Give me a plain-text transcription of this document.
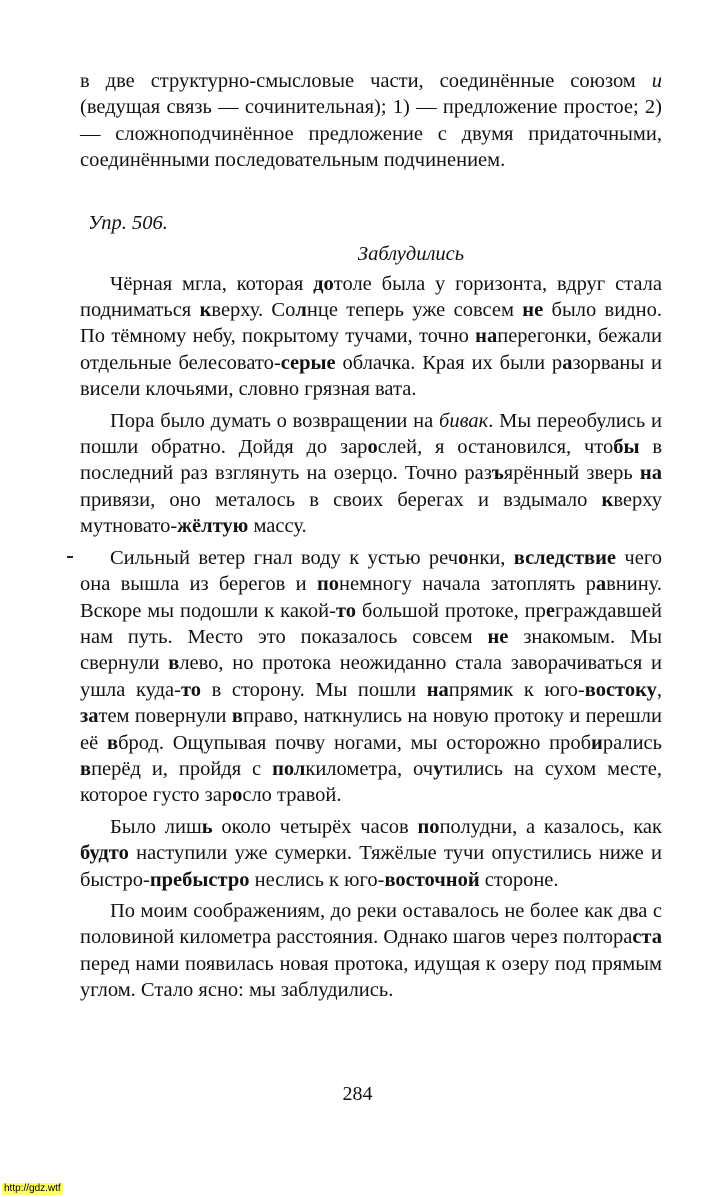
в две структурно-смысловые части, соединённые союзом и (ведущая связь — сочинительная); 1) — предложение простое; 2) — сложноподчинённое предложение с двумя придаточными, соединёнными последовательным подчинением.

Упр. 506.
Заблудились

Чёрная мгла, которая дотоле была у горизонта, вдруг стала подниматься кверху. Солнце теперь уже совсем не было видно. По тёмному небу, покрытому тучами, точно наперегонки, бежали отдельные белесовато-серые облачка. Края их были разорваны и висели клочьями, словно грязная вата.

Пора было думать о возвращении на бивак. Мы переобулись и пошли обратно. Дойдя до зарослей, я остановился, чтобы в последний раз взглянуть на озерцо. Точно разъярённый зверь на привязи, оно металось в своих берегах и вздымало кверху мутновато-жёлтую массу.

Сильный ветер гнал воду к устью речонки, вследствие чего она вышла из берегов и понемногу начала затоплять равнину. Вскоре мы подошли к какой-то большой протоке, преграждавшей нам путь. Место это показалось совсем не знакомым. Мы свернули влево, но протока неожиданно стала заворачиваться и ушла куда-то в сторону. Мы пошли напрямик к юго-востоку, затем повернули вправо, наткнулись на новую протоку и перешли её вброд. Ощупывая почву ногами, мы осторожно пробирались вперёд и, пройдя с полкилометра, очутились на сухом месте, которое густо заросло травой.

Было лишь около четырёх часов пополудни, а казалось, как будто наступили уже сумерки. Тяжёлые тучи опустились ниже и быстро-пребыстро неслись к юго-восточной стороне.

По моим соображениям, до реки оставалось не более как два с половиной километра расстояния. Однако шагов через полтораста перед нами появилась новая протока, идущая к озеру под прямым углом. Стало ясно: мы заблудились.

284
http://gdz.wtf
